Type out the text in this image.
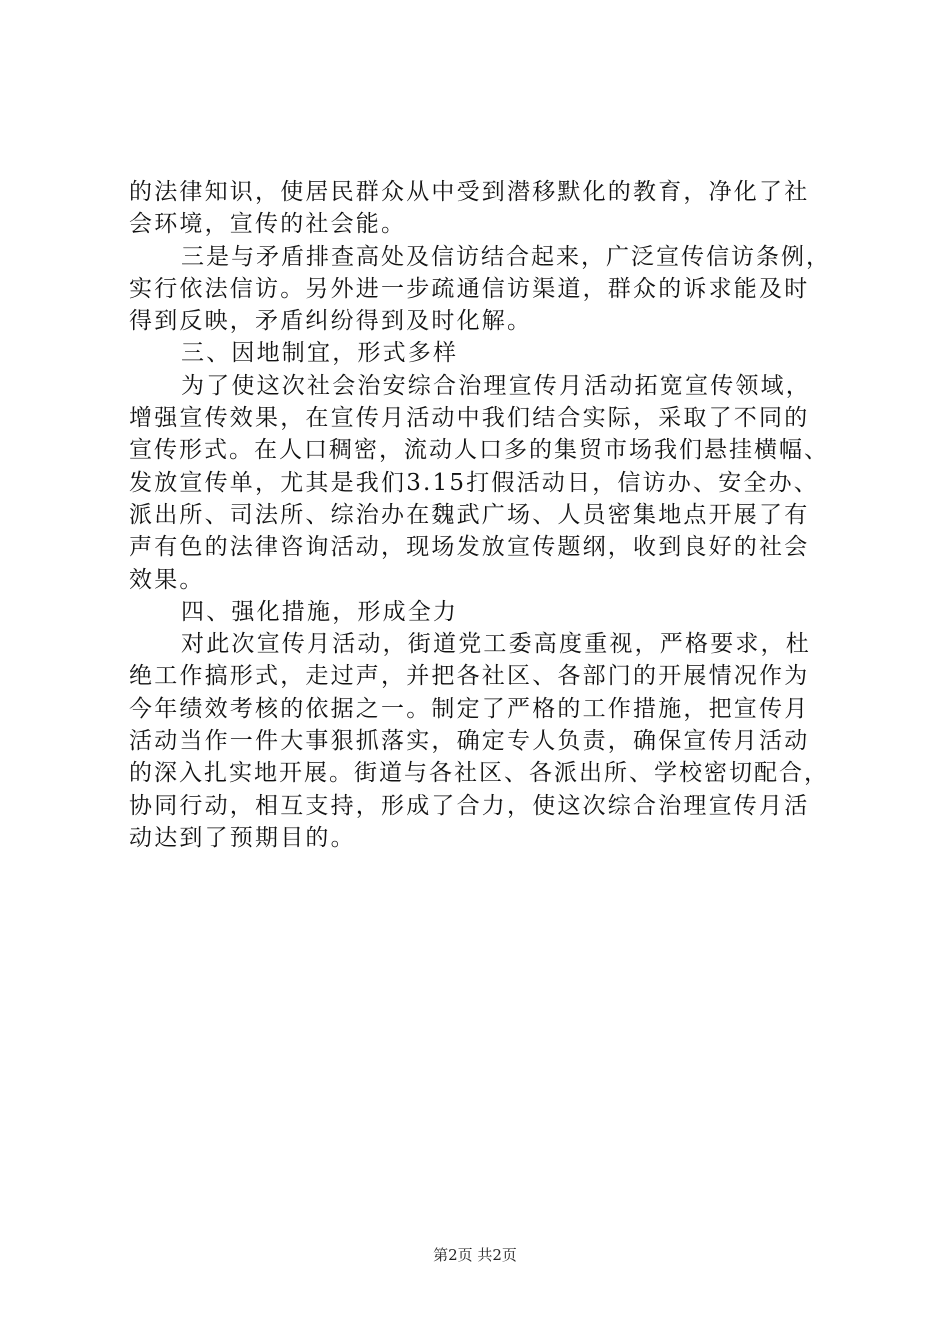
的法律知识，使居民群众从中受到潜移默化的教育，净化了社
会环境，宣传的社会能。
三是与矛盾排查高处及信访结合起来，广泛宣传信访条例，
实行依法信访。另外进一步疏通信访渠道，群众的诉求能及时
得到反映，矛盾纠纷得到及时化解。
三、因地制宜，形式多样
为了使这次社会治安综合治理宣传月活动拓宽宣传领域，
增强宣传效果，在宣传月活动中我们结合实际，采取了不同的
宣传形式。在人口稠密，流动人口多的集贸市场我们悬挂横幅、
发放宣传单，尤其是我们3.15打假活动日，信访办、安全办、
派出所、司法所、综治办在魏武广场、人员密集地点开展了有
声有色的法律咨询活动，现场发放宣传题纲，收到良好的社会
效果。
四、强化措施，形成全力
对此次宣传月活动，街道党工委高度重视，严格要求，杜
绝工作搞形式，走过声，并把各社区、各部门的开展情况作为
今年绩效考核的依据之一。制定了严格的工作措施，把宣传月
活动当作一件大事狠抓落实，确定专人负责，确保宣传月活动
的深入扎实地开展。街道与各社区、各派出所、学校密切配合，
协同行动，相互支持，形成了合力，使这次综合治理宣传月活
动达到了预期目的。
第2页 共2页
